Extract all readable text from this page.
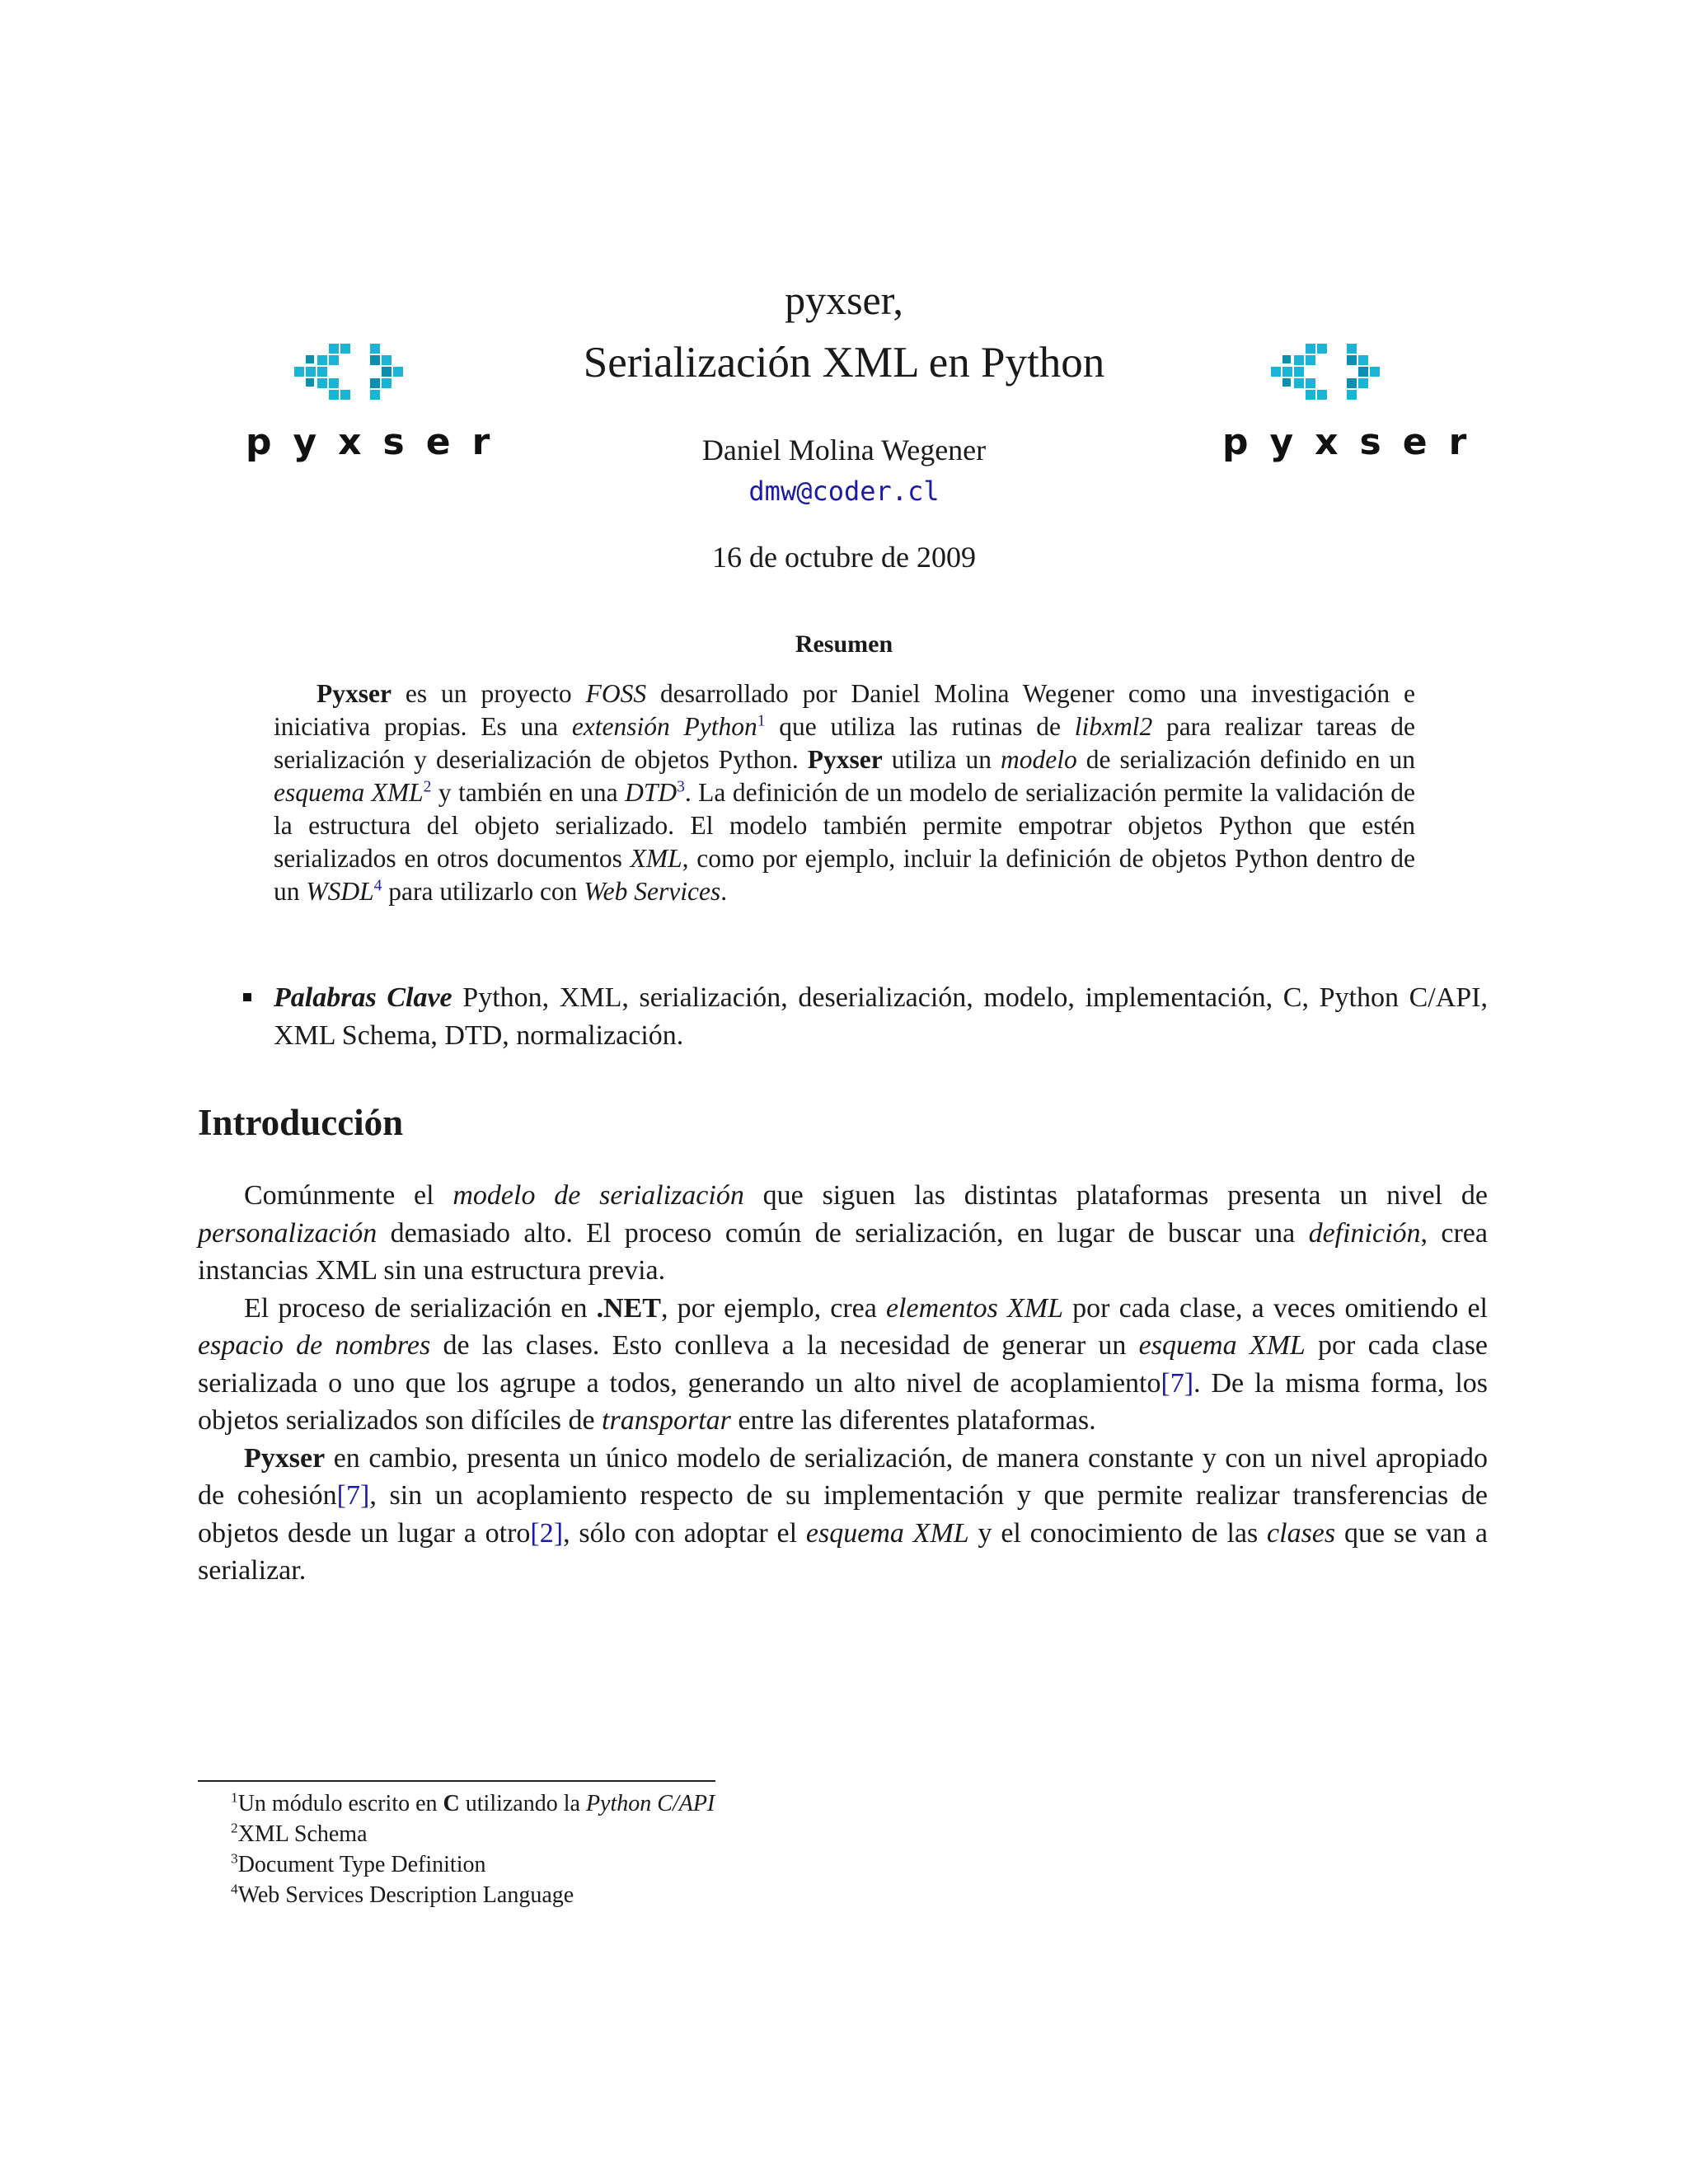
pyxser	pyxser
pyxser,
Serialización XML en Python
Daniel Molina Wegener
dmw@coder.cl
16 de octubre de 2009
Resumen

Pyxser es un proyecto FOSS desarrollado por Daniel Molina Wegener como una investigación e iniciativa propias. Es una extensión Python$^1$ que utiliza las rutinas de libxml2 para realizar tareas de serialización y deserialización de objetos Python. Pyxser utiliza un modelo de serialización definido en un esquema XML$^2$ y también en una DTD$^3$. La definición de un modelo de serialización permite la validación de la estructura del objeto serializado. El modelo también permite empotrar objetos Python que estén serializados en otros documentos XML, como por ejemplo, incluir la definición de objetos Python dentro de un WSDL$^4$ para utilizarlo con Web Services.

Palabras Clave Python, XML, serialización, deserialización, modelo, implementación, C, Python C/API, XML Schema, DTD, normalización.
Introducción

Comúnmente el modelo de serialización que siguen las distintas plataformas presenta un nivel de personalización demasiado alto. El proceso común de serialización, en lugar de buscar una definición, crea instancias XML sin una estructura previa.

El proceso de serialización en .NET, por ejemplo, crea elementos XML por cada clase, a veces omitiendo el espacio de nombres de las clases. Esto conlleva a la necesidad de generar un esquema XML por cada clase serializada o uno que los agrupe a todos, generando un alto nivel de acoplamiento[7]. De la misma forma, los objetos serializados son difíciles de transportar entre las diferentes plataformas.

Pyxser en cambio, presenta un único modelo de serialización, de manera constante y con un nivel apropiado de cohesión[7], sin un acoplamiento respecto de su implementación y que permite realizar transferencias de objetos desde un lugar a otro[2], sólo con adoptar el esquema XML y el conocimiento de las clases que se van a serializar.

$^1$Un módulo escrito en C utilizando la Python C/API
$^2$XML Schema
$^3$Document Type Definition
$^4$Web Services Description Language
